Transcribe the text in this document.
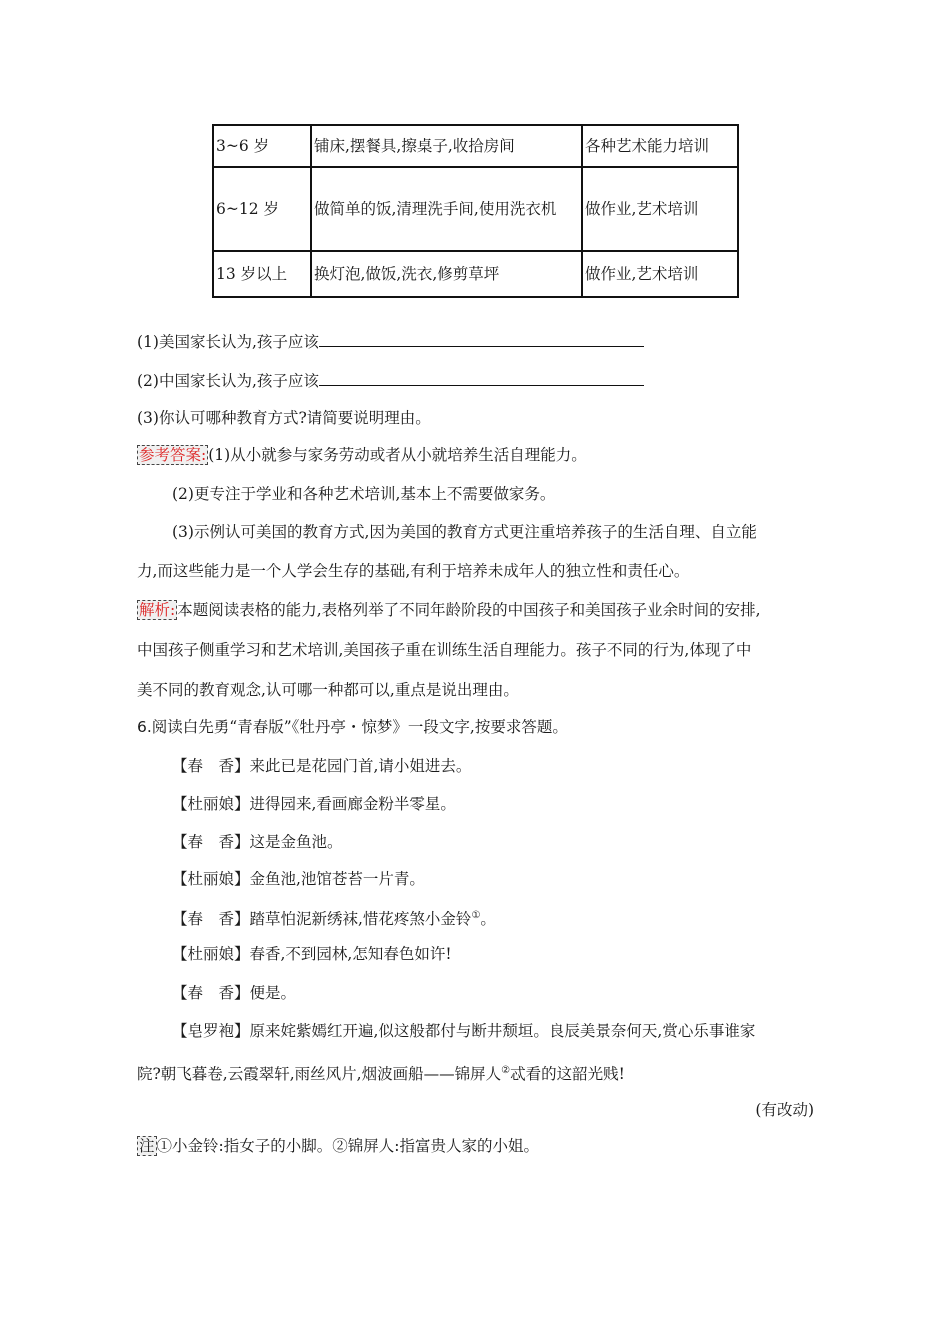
3~6 岁	铺床,摆餐具,擦桌子,收拾房间	各种艺术能力培训
6~12 岁	做简单的饭,清理洗手间,使用洗衣机	做作业,艺术培训
13 岁以上	换灯泡,做饭,洗衣,修剪草坪	做作业,艺术培训
(1)美国家长认为,孩子应该
(2)中国家长认为,孩子应该
(3)你认可哪种教育方式?请简要说明理由。
参考答案: (1)从小就参与家务劳动或者从小就培养生活自理能力。
(2)更专注于学业和各种艺术培训,基本上不需要做家务。
(3)示例认可美国的教育方式,因为美国的教育方式更注重培养孩子的生活自理、自立能
力,而这些能力是一个人学会生存的基础,有利于培养未成年人的独立性和责任心。
解析: 本题阅读表格的能力,表格列举了不同年龄阶段的中国孩子和美国孩子业余时间的安排,
中国孩子侧重学习和艺术培训,美国孩子重在训练生活自理能力。孩子不同的行为,体现了中
美不同的教育观念,认可哪一种都可以,重点是说出理由。
6.阅读白先勇“青春版”《牡丹亭・惊梦》一段文字,按要求答题。
【春　香】来此已是花园门首,请小姐进去。
【杜丽娘】进得园来,看画廊金粉半零星。
【春　香】这是金鱼池。
【杜丽娘】金鱼池,池馆苍苔一片青。
【春　香】踏草怕泥新绣袜,惜花疼煞小金铃①。
【杜丽娘】春香,不到园林,怎知春色如许!
【春　香】便是。
【皂罗袍】原来姹紫嫣红开遍,似这般都付与断井颓垣。良辰美景奈何天,赏心乐事谁家
院?朝飞暮卷,云霞翠轩,雨丝风片,烟波画船——锦屏人②忒看的这韶光贱!
(有改动)
注 ①小金铃:指女子的小脚。②锦屏人:指富贵人家的小姐。
